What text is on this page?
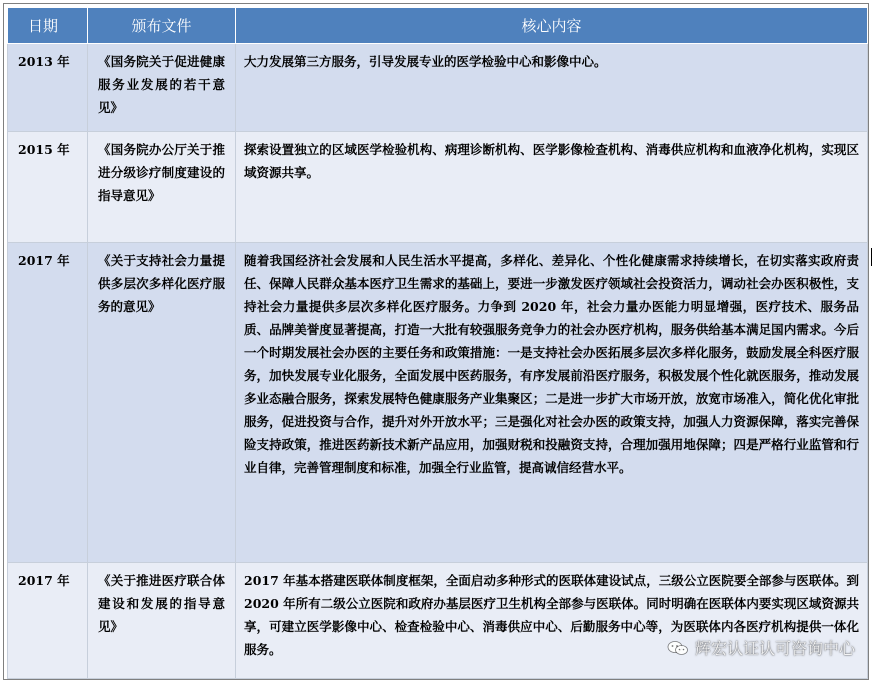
日期	颁布文件	核心内容
2013 年	《国务院关于促进健康服务业发展的若干意见》	大力发展第三方服务，引导发展专业的医学检验中心和影像中心。
2015 年	《国务院办公厅关于推进分级诊疗制度建设的指导意见》	探索设置独立的区域医学检验机构、病理诊断机构、医学影像检查机构、消毒供应机构和血液净化机构，实现区域资源共享。
2017 年	《关于支持社会力量提供多层次多样化医疗服务的意见》	随着我国经济社会发展和人民生活水平提高，多样化、差异化、个性化健康需求持续增长，在切实落实政府责任、保障人民群众基本医疗卫生需求的基础上，要进一步激发医疗领域社会投资活力，调动社会办医积极性，支持社会力量提供多层次多样化医疗服务。力争到 2020 年，社会力量办医能力明显增强，医疗技术、服务品质、品牌美誉度显著提高，打造一大批有较强服务竞争力的社会办医疗机构，服务供给基本满足国内需求。今后一个时期发展社会办医的主要任务和政策措施：一是支持社会办医拓展多层次多样化服务，鼓励发展全科医疗服务，加快发展专业化服务，全面发展中医药服务，有序发展前沿医疗服务，积极发展个性化就医服务，推动发展多业态融合服务，探索发展特色健康服务产业集聚区；二是进一步扩大市场开放，放宽市场准入，简化优化审批服务，促进投资与合作，提升对外开放水平；三是强化对社会办医的政策支持，加强人力资源保障，落实完善保险支持政策，推进医药新技术新产品应用，加强财税和投融资支持，合理加强用地保障；四是严格行业监管和行业自律，完善管理制度和标准，加强全行业监管，提高诚信经营水平。
2017 年	《关于推进医疗联合体建设和发展的指导意见》	2017 年基本搭建医联体制度框架，全面启动多种形式的医联体建设试点，三级公立医院要全部参与医联体。到 2020 年所有二级公立医院和政府办基层医疗卫生机构全部参与医联体。同时明确在医联体内要实现区域资源共享，可建立医学影像中心、检查检验中心、消毒供应中心、后勤服务中心等，为医联体内各医疗机构提供一体化服务。	辉宏认证认可咨询中心
